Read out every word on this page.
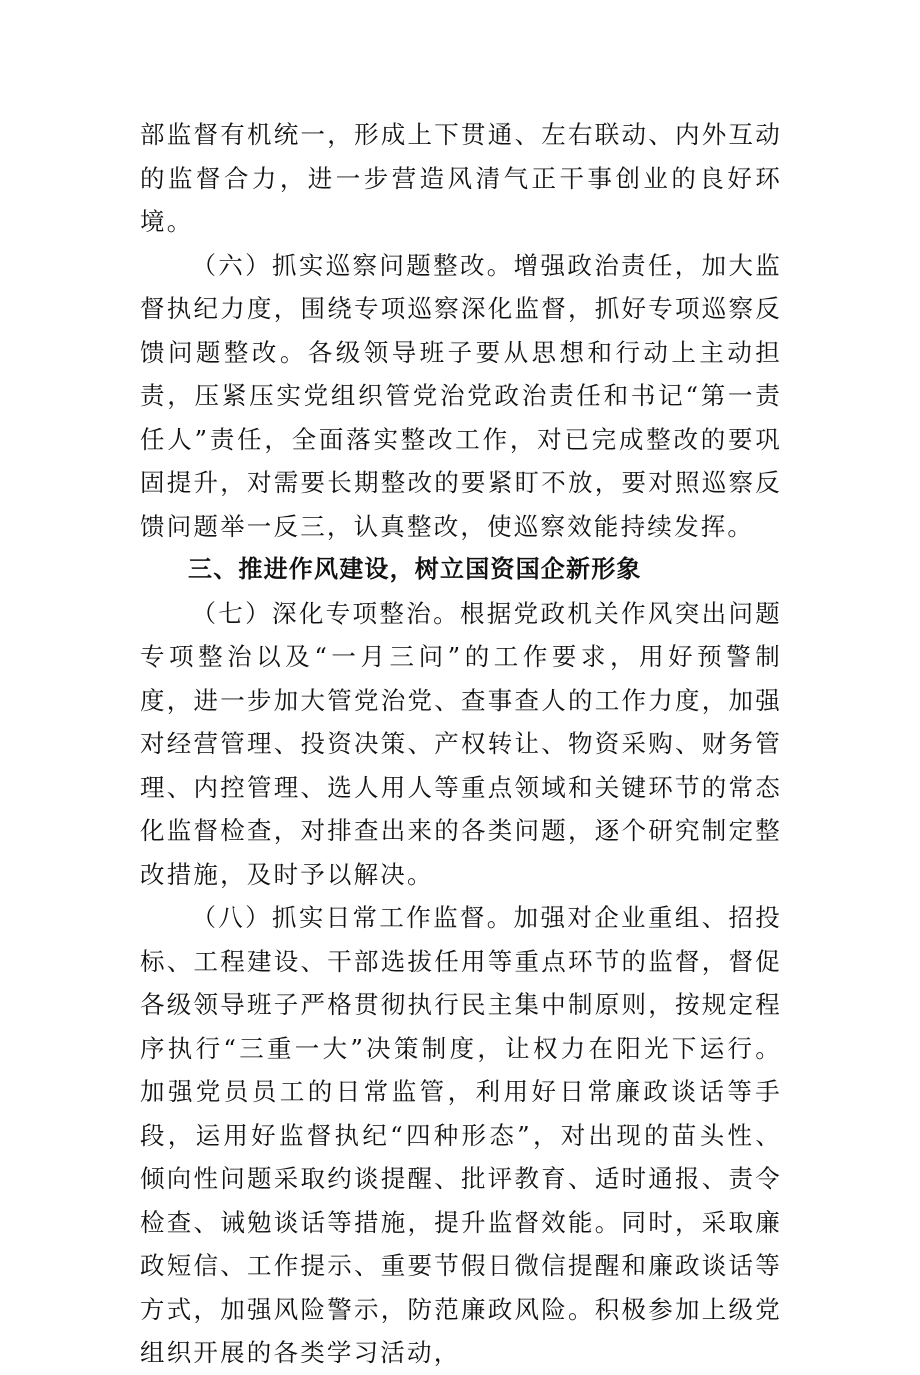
部监督有机统一，形成上下贯通、左右联动、内外互动的监督合力，进一步营造风清气正干事创业的良好环境。

（六）抓实巡察问题整改。增强政治责任，加大监督执纪力度，围绕专项巡察深化监督，抓好专项巡察反馈问题整改。各级领导班子要从思想和行动上主动担责，压紧压实党组织管党治党政治责任和书记“第一责任人”责任，全面落实整改工作，对已完成整改的要巩固提升，对需要长期整改的要紧盯不放，要对照巡察反馈问题举一反三，认真整改，使巡察效能持续发挥。

三、推进作风建设，树立国资国企新形象

（七）深化专项整治。根据党政机关作风突出问题专项整治以及“一月三问”的工作要求，用好预警制度，进一步加大管党治党、查事查人的工作力度，加强对经营管理、投资决策、产权转让、物资采购、财务管理、内控管理、选人用人等重点领域和关键环节的常态化监督检查，对排查出来的各类问题，逐个研究制定整改措施，及时予以解决。

（八）抓实日常工作监督。加强对企业重组、招投标、工程建设、干部选拔任用等重点环节的监督，督促各级领导班子严格贯彻执行民主集中制原则，按规定程序执行“三重一大”决策制度，让权力在阳光下运行。加强党员员工的日常监管，利用好日常廉政谈话等手段，运用好监督执纪“四种形态”，对出现的苗头性、倾向性问题采取约谈提醒、批评教育、适时通报、责令检查、诫勉谈话等措施，提升监督效能。同时，采取廉政短信、工作提示、重要节假日微信提醒和廉政谈话等方式，加强风险警示，防范廉政风险。积极参加上级党组织开展的各类学习活动，
